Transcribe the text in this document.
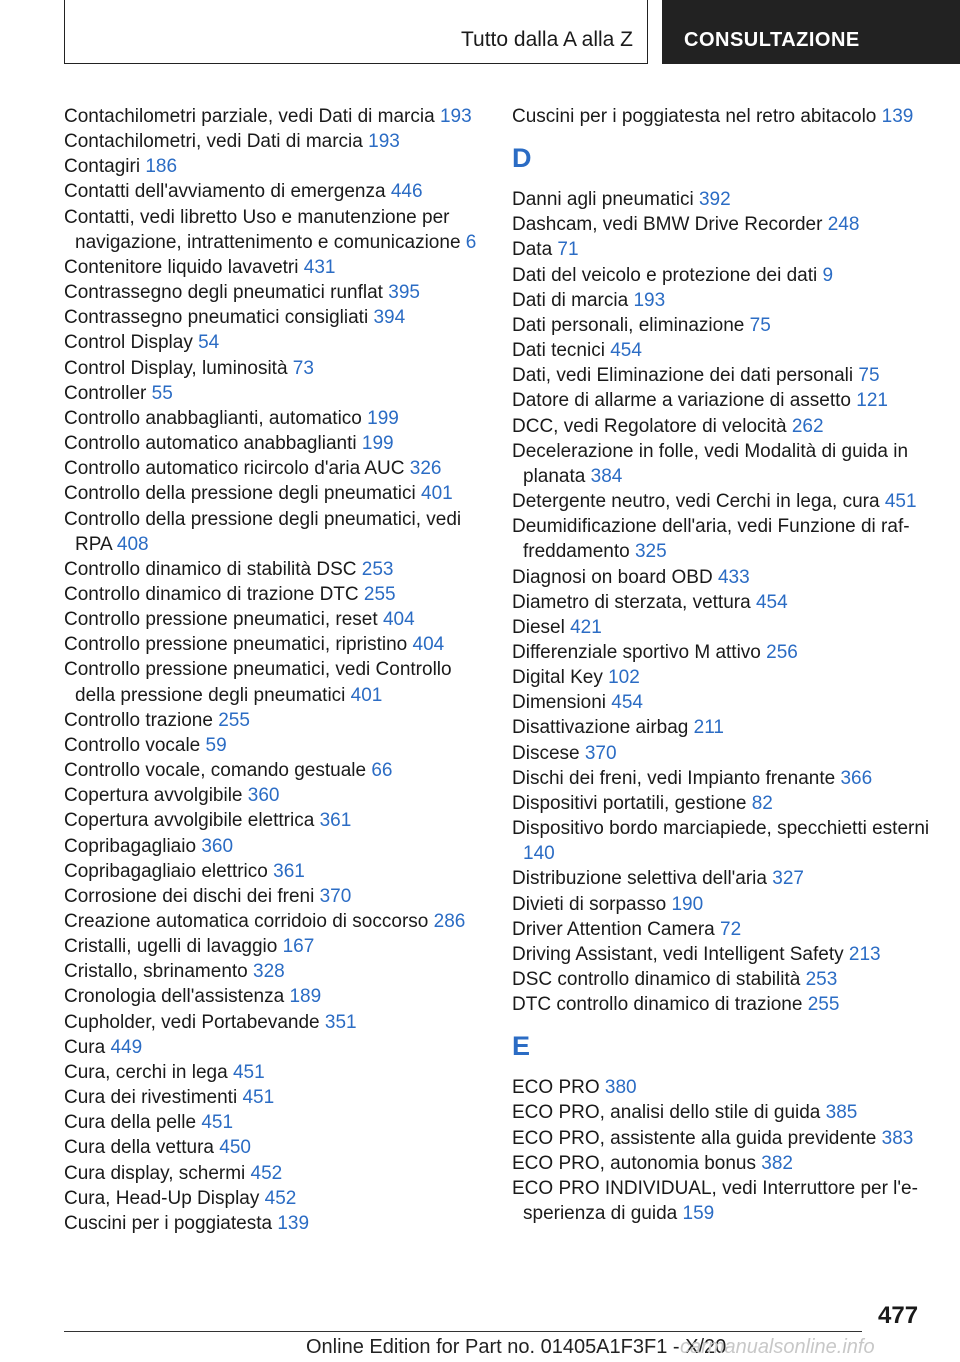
Tutto dalla A alla Z	CONSULTAZIONE
Contachilometri parziale, vedi Dati di marcia 193
Contachilometri, vedi Dati di marcia 193
Contagiri 186
Contatti dell'avviamento di emergenza 446
Contatti, vedi libretto Uso e manutenzione per navigazione, intrattenimento e comunicazione 6
Contenitore liquido lavavetri 431
Contrassegno degli pneumatici runflat 395
Contrassegno pneumatici consigliati 394
Control Display 54
Control Display, luminosità 73
Controller 55
Controllo anabbaglianti, automatico 199
Controllo automatico anabbaglianti 199
Controllo automatico ricircolo d'aria AUC 326
Controllo della pressione degli pneumatici 401
Controllo della pressione degli pneumatici, vedi RPA 408
Controllo dinamico di stabilità DSC 253
Controllo dinamico di trazione DTC 255
Controllo pressione pneumatici, reset 404
Controllo pressione pneumatici, ripristino 404
Controllo pressione pneumatici, vedi Controllo della pressione degli pneumatici 401
Controllo trazione 255
Controllo vocale 59
Controllo vocale, comando gestuale 66
Copertura avvolgibile 360
Copertura avvolgibile elettrica 361
Copribagagliaio 360
Copribagagliaio elettrico 361
Corrosione dei dischi dei freni 370
Creazione automatica corridoio di soccorso 286
Cristalli, ugelli di lavaggio 167
Cristallo, sbrinamento 328
Cronologia dell'assistenza 189
Cupholder, vedi Portabevande 351
Cura 449
Cura, cerchi in lega 451
Cura dei rivestimenti 451
Cura della pelle 451
Cura della vettura 450
Cura display, schermi 452
Cura, Head-Up Display 452
Cuscini per i poggiatesta 139
Cuscini per i poggiatesta nel retro abitacolo 139
D
Danni agli pneumatici 392
Dashcam, vedi BMW Drive Recorder 248
Data 71
Dati del veicolo e protezione dei dati 9
Dati di marcia 193
Dati personali, eliminazione 75
Dati tecnici 454
Dati, vedi Eliminazione dei dati personali 75
Datore di allarme a variazione di assetto 121
DCC, vedi Regolatore di velocità 262
Decelerazione in folle, vedi Modalità di guida in planata 384
Detergente neutro, vedi Cerchi in lega, cura 451
Deumidificazione dell'aria, vedi Funzione di raffreddamento 325
Diagnosi on board OBD 433
Diametro di sterzata, vettura 454
Diesel 421
Differenziale sportivo M attivo 256
Digital Key 102
Dimensioni 454
Disattivazione airbag 211
Discese 370
Dischi dei freni, vedi Impianto frenante 366
Dispositivi portatili, gestione 82
Dispositivo bordo marciapiede, specchietti esterni 140
Distribuzione selettiva dell'aria 327
Divieti di sorpasso 190
Driver Attention Camera 72
Driving Assistant, vedi Intelligent Safety 213
DSC controllo dinamico di stabilità 253
DTC controllo dinamico di trazione 255
E
ECO PRO 380
ECO PRO, analisi dello stile di guida 385
ECO PRO, assistente alla guida previdente 383
ECO PRO, autonomia bonus 382
ECO PRO INDIVIDUAL, vedi Interruttore per l'esperienza di guida 159
477
Online Edition for Part no. 01405A1F3F1 - X/20
carmanualsonline.info
